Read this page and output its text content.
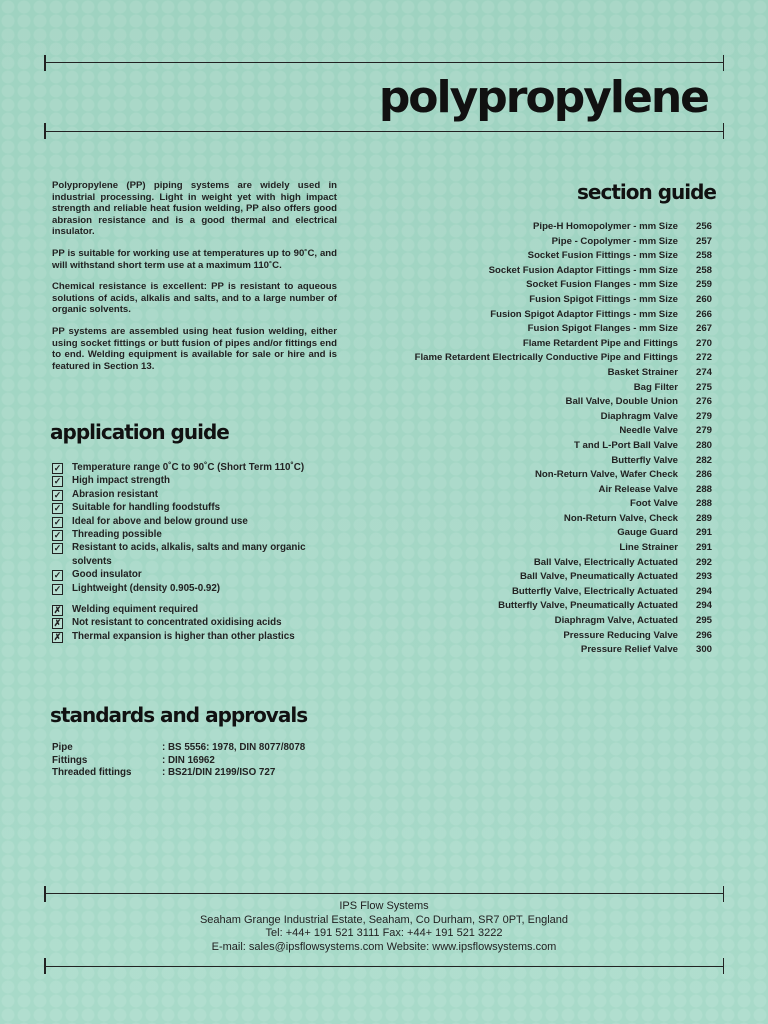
polypropylene

Polypropylene (PP) piping systems are widely used in industrial processing. Light in weight yet with high impact strength and reliable heat fusion welding, PP also offers good abrasion resistance and is a good thermal and electrical insulator.

PP is suitable for working use at temperatures up to 90˚C, and will withstand short term use at a maximum 110˚C.

Chemical resistance is excellent: PP is resistant to aqueous solutions of acids, alkalis and salts, and to a large number of organic solvents.

PP systems are assembled using heat fusion welding, either using socket fittings or butt fusion of pipes and/or fittings end to end. Welding equipment is available for sale or hire and is featured in Section 13.

application guide
✓ Temperature range 0˚C to 90˚C (Short Term 110˚C)
✓ High impact strength
✓ Abrasion resistant
✓ Suitable for handling foodstuffs
✓ Ideal for above and below ground use
✓ Threading possible
✓ Resistant to acids, alkalis, salts and many organic solvents
✓ Good insulator
✓ Lightweight (density 0.905-0.92)
✗ Welding equiment required
✗ Not resistant to concentrated oxidising acids
✗ Thermal expansion is higher than other plastics
section guide
Pipe-H Homopolymer - mm Size	256
Pipe - Copolymer - mm Size	257
Socket Fusion Fittings - mm Size	258
Socket Fusion Adaptor Fittings - mm Size	258
Socket Fusion Flanges - mm Size	259
Fusion Spigot Fittings - mm Size	260
Fusion Spigot Adaptor Fittings - mm Size	266
Fusion Spigot Flanges - mm Size	267
Flame Retardent Pipe and Fittings	270
Flame Retardent Electrically Conductive Pipe and Fittings	272
Basket Strainer	274
Bag Filter	275
Ball Valve, Double Union	276
Diaphragm Valve	279
Needle Valve	279
T and L-Port Ball Valve	280
Butterfly Valve	282
Non-Return Valve, Wafer Check	286
Air Release Valve	288
Foot Valve	288
Non-Return Valve, Check	289
Gauge Guard	291
Line Strainer	291
Ball Valve, Electrically Actuated	292
Ball Valve, Pneumatically Actuated	293
Butterfly Valve, Electrically Actuated	294
Butterfly Valve, Pneumatically Actuated	294
Diaphragm Valve, Actuated	295
Pressure Reducing Valve	296
Pressure Relief Valve	300
standards and approvals
Pipe	: BS 5556: 1978, DIN 8077/8078
Fittings	: DIN 16962
Threaded fittings	: BS21/DIN 2199/ISO 727
IPS Flow Systems
Seaham Grange Industrial Estate, Seaham, Co Durham, SR7 0PT, England
Tel: +44+ 191 521 3111 Fax: +44+ 191 521 3222
E-mail: sales@ipsflowsystems.com Website: www.ipsflowsystems.com
